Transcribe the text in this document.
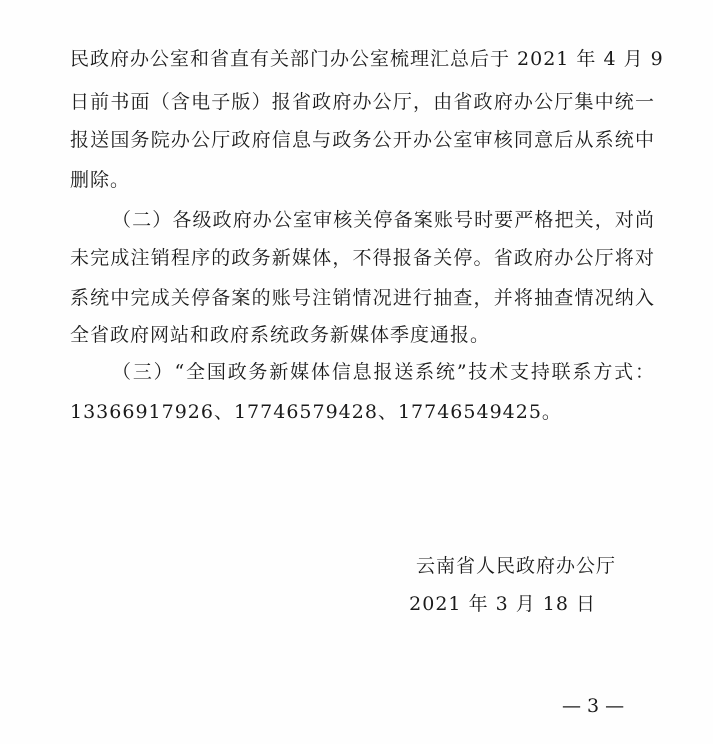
民政府办公室和省直有关部门办公室梳理汇总后于 2021 年 4 月 9

日前书面（含电子版）报省政府办公厅，由省政府办公厅集中统一

报送国务院办公厅政府信息与政务公开办公室审核同意后从系统中

删除。

（二）各级政府办公室审核关停备案账号时要严格把关，对尚

未完成注销程序的政务新媒体，不得报备关停。省政府办公厅将对

系统中完成关停备案的账号注销情况进行抽查，并将抽查情况纳入

全省政府网站和政府系统政务新媒体季度通报。

（三）“全国政务新媒体信息报送系统”技术支持联系方式：

13366917926、17746579428、17746549425。

云南省人民政府办公厅

2021 年 3 月 18 日

— 3 —
